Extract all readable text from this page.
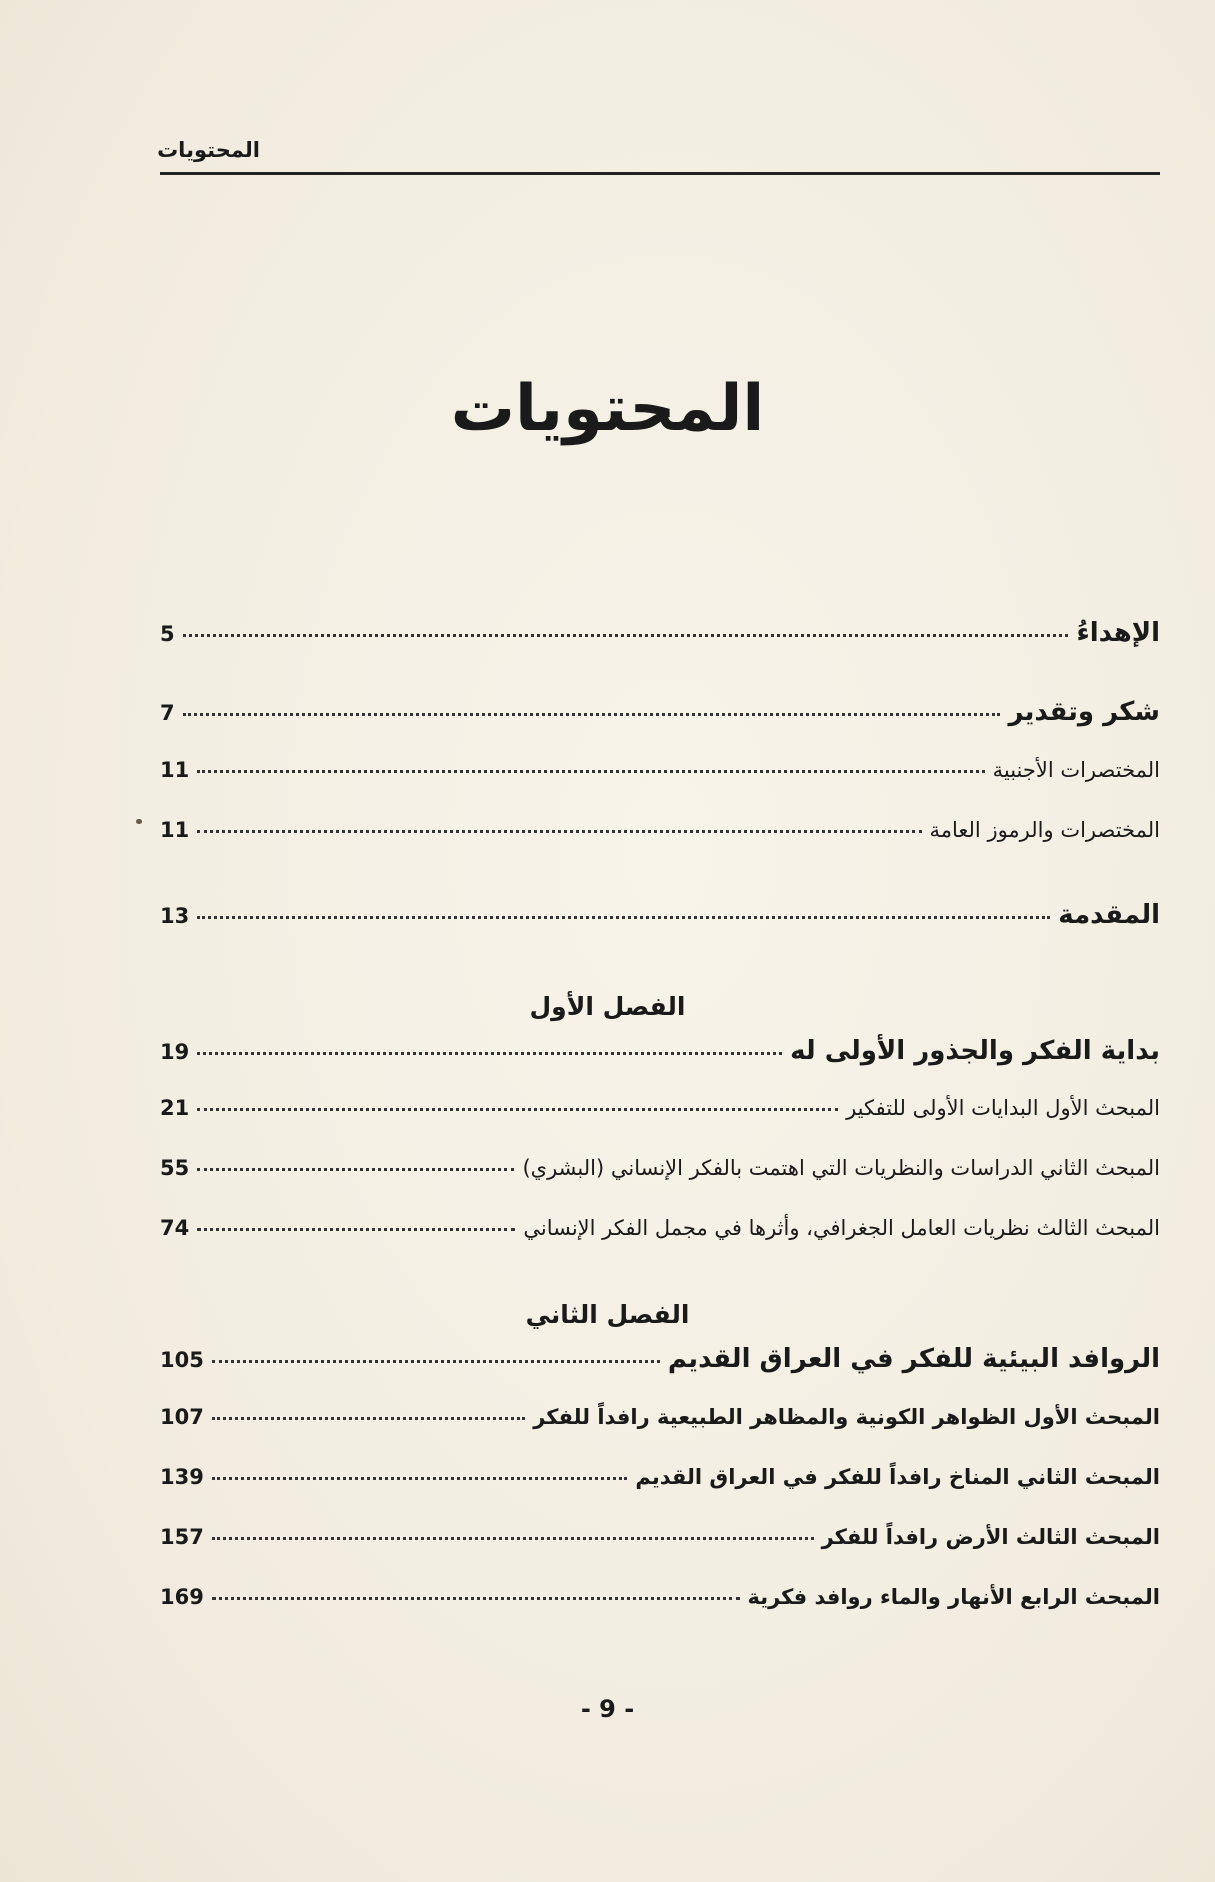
المحتويات
المحتويات
الإهداءُ
5
شكر وتقدير
7
المختصرات الأجنبية
11
المختصرات والرموز العامة
11
المقدمة
13
الفصل الأول
بداية الفكر والجذور الأولى له
19
المبحث الأول البدايات الأولى للتفكير
21
المبحث الثاني الدراسات والنظريات التي اهتمت بالفكر الإنساني (البشري)
55
المبحث الثالث نظريات العامل الجغرافي، وأثرها في مجمل الفكر الإنساني
74
الفصل الثاني
الروافد البيئية للفكر في العراق القديم
105
المبحث الأول الظواهر الكونية والمظاهر الطبيعية رافداً للفكر
107
المبحث الثاني المناخ رافداً للفكر في العراق القديم
139
المبحث الثالث الأرض رافداً للفكر
157
المبحث الرابع الأنهار والماء روافد فكرية
169
- 9 -
